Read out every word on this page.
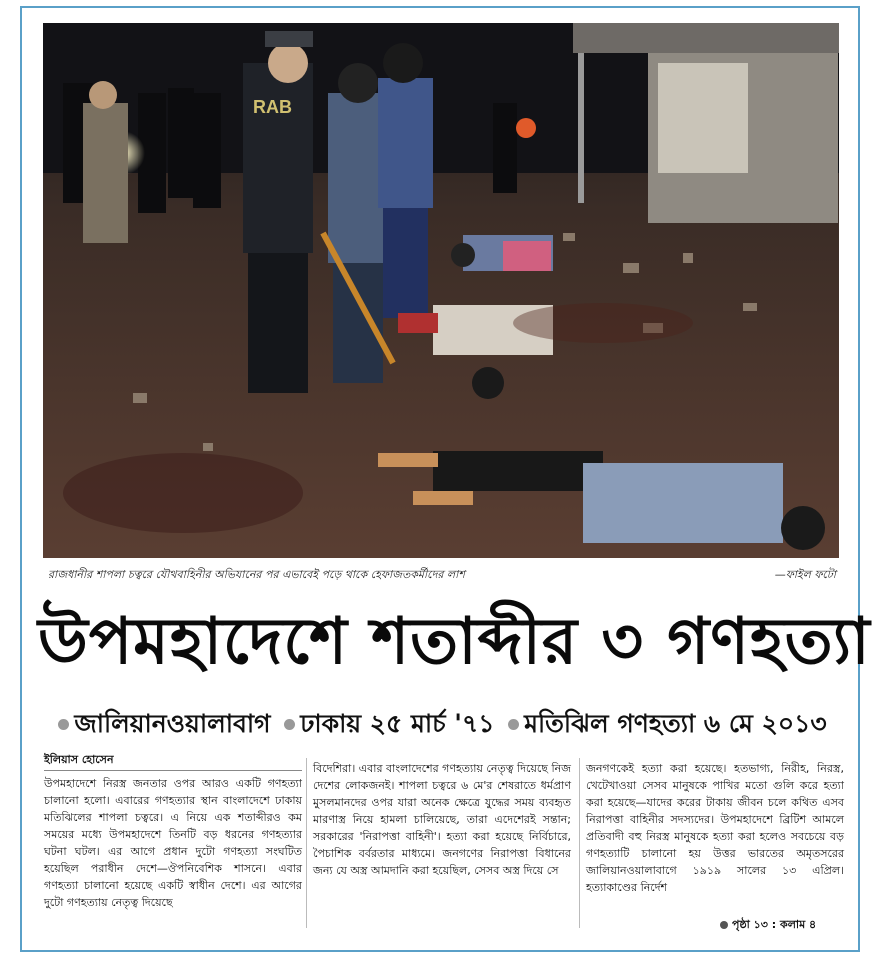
RAB
রাজধানীর শাপলা চত্বরে যৌথবাহিনীর অভিযানের পর এভাবেই পড়ে থাকে হেফাজতকর্মীদের লাশ	—ফাইল ফটো
উপমহাদেশে শতাব্দীর ৩ গণহত্যা
জালিয়ানওয়ালাবাগ ঢাকায় ২৫ মার্চ '৭১ মতিঝিল গণহত্যা ৬ মে ২০১৩
ইলিয়াস হোসেন

উপমহাদেশে নিরস্ত্র জনতার ওপর আরও একটি গণহত্যা চালানো হলো। এবারের গণহত্যার স্থান বাংলাদেশে ঢাকায় মতিঝিলের শাপলা চত্বরে। এ নিয়ে এক শতাব্দীরও কম সময়ের মধ্যে উপমহাদেশে তিনটি বড় ধরনের গণহত্যার ঘটনা ঘটল। এর আগে প্রধান দুটো গণহত্যা সংঘটিত হয়েছিল পরাধীন দেশে—ঔপনিবেশিক শাসনে। এবার গণহত্যা চালানো হয়েছে একটি স্বাধীন দেশে। এর আগের দুটো গণহত্যায় নেতৃত্ব দিয়েছে

বিদেশিরা। এবার বাংলাদেশের গণহত্যায় নেতৃত্ব দিয়েছে নিজ দেশের লোকজনই। শাপলা চত্বরে ৬ মে'র শেষরাতে ধর্মপ্রাণ মুসলমানদের ওপর যারা অনেক ক্ষেত্রে যুদ্ধের সময় ব্যবহৃত মারণাস্ত্র নিয়ে হামলা চালিয়েছে, তারা এদেশেরই সন্তান; সরকারের 'নিরাপত্তা বাহিনী'। হত্যা করা হয়েছে নির্বিচারে, পৈচাশিক বর্বরতার মাধ্যমে। জনগণের নিরাপত্তা বিধানের জন্য যে অস্ত্র আমদানি করা হয়েছিল, সেসব অস্ত্র দিয়ে সে

জনগণকেই হত্যা করা হয়েছে। হতভাগ্য, নিরীহ, নিরস্ত্র, খেটেখাওয়া সেসব মানুষকে পাখির মতো গুলি করে হত্যা করা হয়েছে—যাদের করের টাকায় জীবন চলে কথিত এসব নিরাপত্তা বাহিনীর সদস্যদের। উপমহাদেশে ব্রিটিশ আমলে প্রতিবাদী বহু নিরস্ত্র মানুষকে হত্যা করা হলেও সবচেয়ে বড় গণহত্যাটি চালানো হয় উত্তর ভারতের অমৃতসরের জালিয়ানওয়ালাবাগে ১৯১৯ সালের ১৩ এপ্রিল। হত্যাকাণ্ডের নির্দেশ

পৃষ্ঠা ১৩ : কলাম ৪
